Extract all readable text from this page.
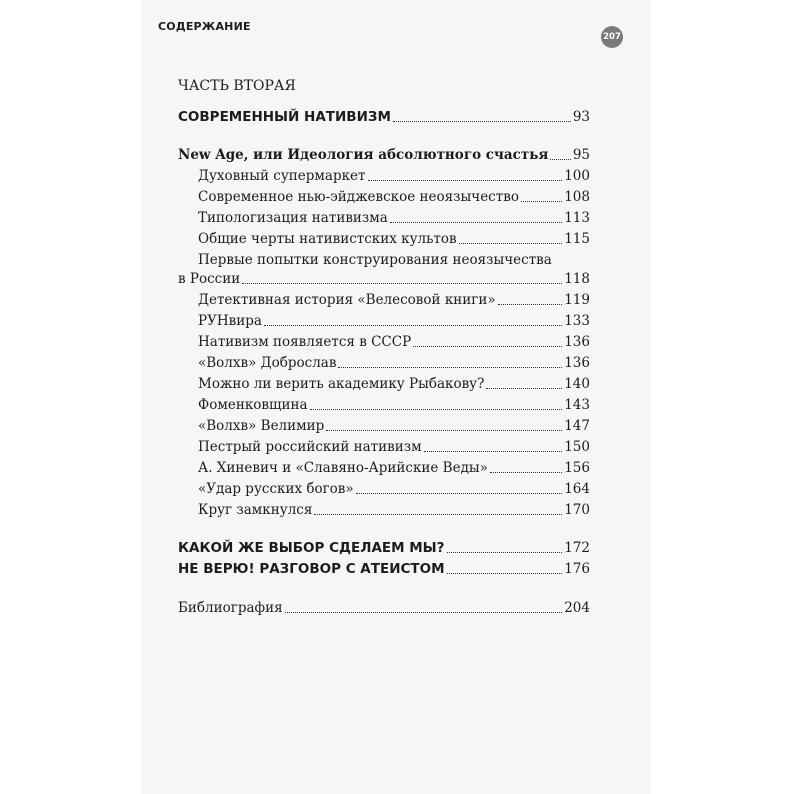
СОДЕРЖАНИЕ
207
ЧАСТЬ ВТОРАЯ
СОВРЕМЕННЫЙ НАТИВИЗМ	93
New Age, или Идеология абсолютного счастья 95
Духовный супермаркет	100
Современное нью-эйджевское неоязычество	108
Типологизация нативизма	113
Общие черты нативистских культов	115
Первые попытки конструирования неоязычества
в России	118
Детективная история «Велесовой книги»	119
РУНвира	133
Нативизм появляется в СССР	136
«Волхв» Доброслав	136
Можно ли верить академику Рыбакову?	140
Фоменковщина	143
«Волхв» Велимир	147
Пестрый российский нативизм	150
А. Хиневич и «Славяно-Арийские Веды»	156
«Удар русских богов»	164
Круг замкнулся	170
КАКОЙ ЖЕ ВЫБОР СДЕЛАЕМ МЫ?	172
НЕ ВЕРЮ! РАЗГОВОР С АТЕИСТОМ	176
Библиография	204
